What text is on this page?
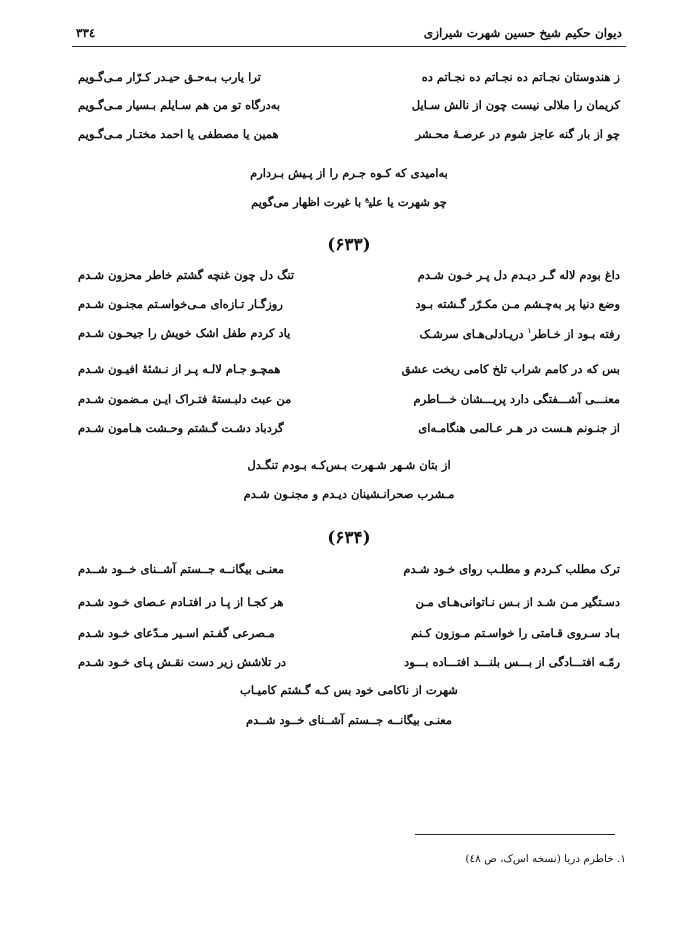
دیوان حکیم شیخ حسین شهرت شیرازی
۳۳٤
ز هندوستان نجـاتم ده نجـاتم ده نجـاتم ده
ترا یارب بـه‌حـق حیـدر کـرّار مـی‌گـویم
کریمان را ملالی نیست چون از نالش سـایل
به‌درگاه تو من هم سـایلم بـسیار مـی‌گـویم
چو از بار گنه عاجز شوم در عرصـۀ محـشر
همین یا مصطفی یا احمد مختـار مـی‌گـویم
به‌امیدی که کـوه جـرم را از پـیش بـردارم
چو شهرت یا علی$^ع$ با غیرت اظهار می‌گویم
(۶۳۳)
داغ بودم لاله گـر دیـدم دل پـر خـون شـدم
تنگ دل چون غنچه گشتم خاطر محزون شـدم
وضع دنیا پر به‌چـشم مـن مکـرّر گـشته بـود
روزگـار تـازه‌ای مـی‌خواسـتم مجنـون شـدم
رفته بـود از خـاطر$^۱$ دریـادلی‌هـای سرشـک
یاد کردم طفل اشک خویش را جیحـون شـدم
بس که در کامم شراب تلخ کامی ریخت عشق
همچـو جـام لالـه پـر از نـشئۀ افیـون شـدم
معنـــی آشـــفتگی دارد پریـــشان خـــاطرم
من عبث دلبـستۀ فتـراک ایـن مـضمون شـدم
از جنـونم هـست در هـر عـالمی هنگامـه‌ای
گردباد دشـت گـشتم وحـشت هـامون شـدم
از بتان شـهر شـهرت بـس‌کـه بـودم تنگـدل
مـشرب صحرانـشینان دیـدم و مجنـون شـدم
(۶۳۴)
ترک مطلب کـردم و مطلـب روای خـود شـدم
معنـی بیگانــه جــستم آشــنای خــود شــدم
دسـتگیر مـن شـد از بـس نـاتوانی‌هـای مـن
هر کجـا از پـا در افتـادم عـصای خـود شـدم
بـاد سـروی قـامتی را خواسـتم مـوزون کـنم
مـصرعی گفـتم اسـیر مـدّعای خـود شـدم
رمّـه افتـــادگی از بـــس بلنـــد افتـــاده بـــود
در تلاشش زیر دست نقـش پـای خـود شـدم
شهرت از ناکامی خود بس کـه گـشتم کامیـاب
معنـی بیگانــه جــستم آشــنای خــود شــدم
۱. خاطرم دریا (نسخه اس‌ک، ص ٤٨)
